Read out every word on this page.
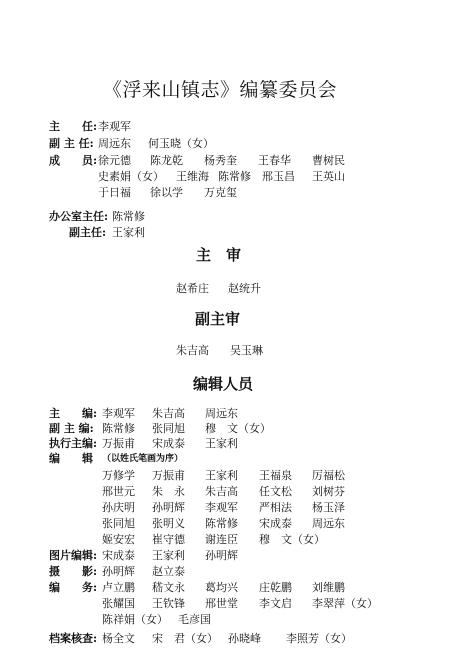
《浮来山镇志》编纂委员会
主　　任: 李观军
副 主 任: 周远东 何玉晓（女）
成　　员: 徐元德 陈龙乾 杨秀奎 王春华 曹树民
史素娟（女） 王维海 陈常修 邢玉昌 王英山
于日福 徐以学 万克玺
办公室主任: 陈常修
副主任: 王家利
主　审
赵希庄 赵统升
副主审
朱吉高 吴玉琳
编辑人员
主　　编: 李观军 朱吉高 周远东
副 主 编: 陈常修 张同旭 穆　文（女）
执行主编: 万振甫 宋成泰 王家利
编　　辑 （以姓氏笔画为序）
万修学 万振甫 王家利 王福泉 厉福松
邢世元 朱　永 朱吉高 任文松 刘树芬
孙庆明 孙明辉 李观军 严相法 杨玉泽
张同旭 张明义 陈常修 宋成泰 周远东
姬安宏 崔守德 谢连臣 穆　文（女）
图片编辑: 宋成泰 王家利 孙明辉
摄　　影: 孙明辉 赵立泰
编　　务: 卢立鹏 嵇文永 葛均兴 庄乾鹏 刘维鹏
张耀国 王钦锋 邢世堂 李文启 李翠萍（女）
陈祥娟（女） 毛彦国
档案核查: 杨全文 宋　君（女） 孙晓峰 李照芳（女）
